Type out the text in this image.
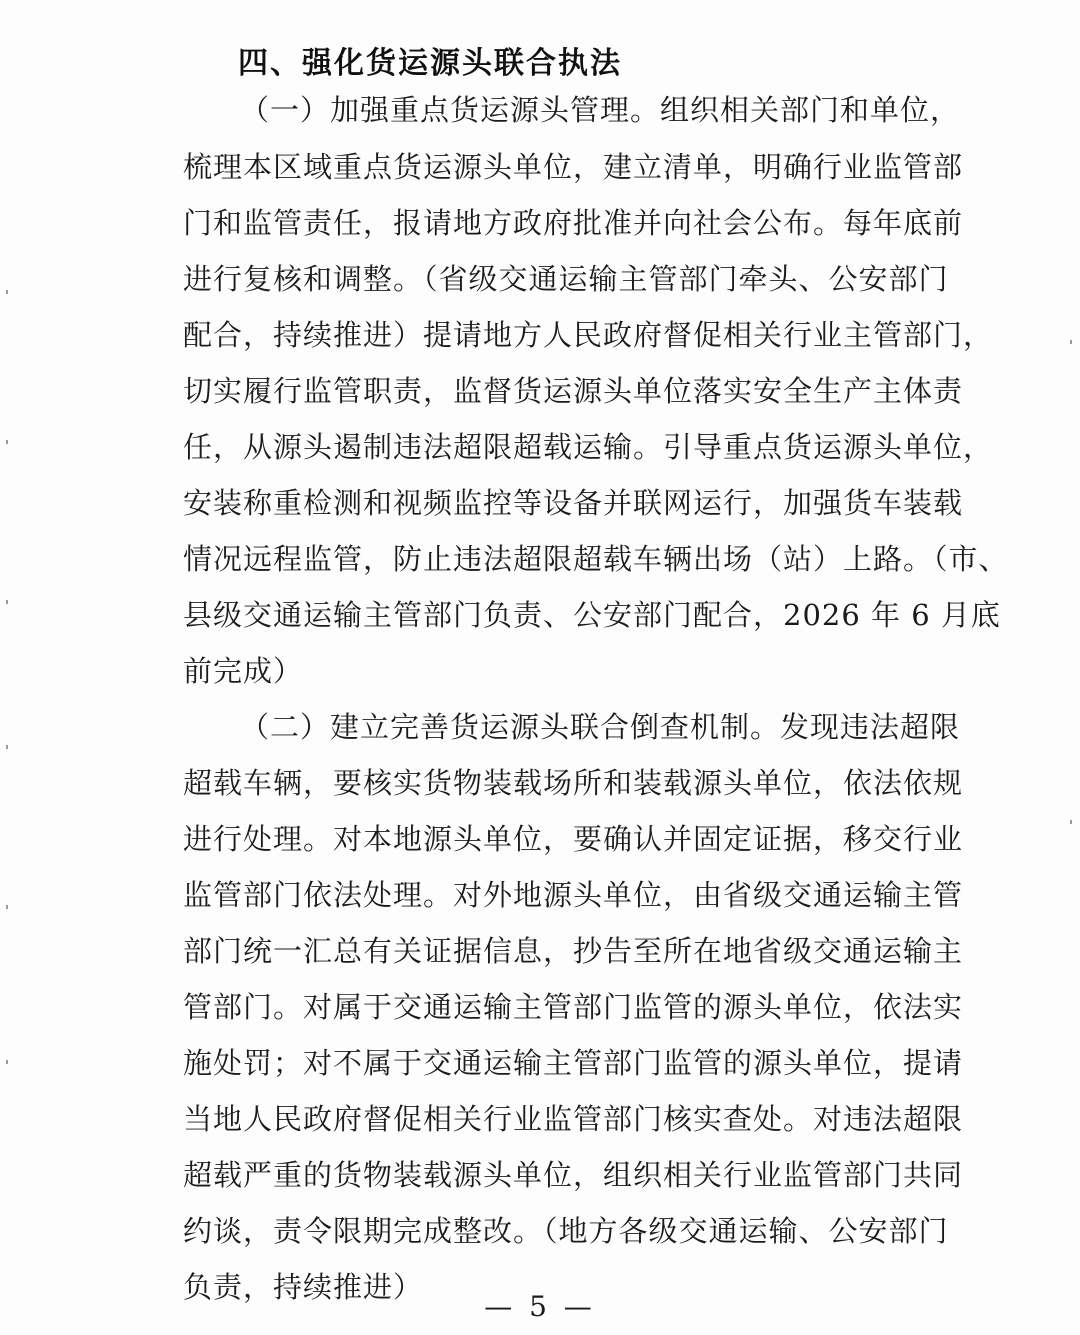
四、强化货运源头联合执法
（一）加强重点货运源头管理。组织相关部门和单位，
梳理本区域重点货运源头单位，建立清单，明确行业监管部
门和监管责任，报请地方政府批准并向社会公布。每年底前
进行复核和调整。（省级交通运输主管部门牵头、公安部门
配合，持续推进）提请地方人民政府督促相关行业主管部门，
切实履行监管职责，监督货运源头单位落实安全生产主体责
任，从源头遏制违法超限超载运输。引导重点货运源头单位，
安装称重检测和视频监控等设备并联网运行，加强货车装载
情况远程监管，防止违法超限超载车辆出场（站）上路。（市、
县级交通运输主管部门负责、公安部门配合，2026 年 6 月底
前完成）
（二）建立完善货运源头联合倒查机制。发现违法超限
超载车辆，要核实货物装载场所和装载源头单位，依法依规
进行处理。对本地源头单位，要确认并固定证据，移交行业
监管部门依法处理。对外地源头单位，由省级交通运输主管
部门统一汇总有关证据信息，抄告至所在地省级交通运输主
管部门。对属于交通运输主管部门监管的源头单位，依法实
施处罚；对不属于交通运输主管部门监管的源头单位，提请
当地人民政府督促相关行业监管部门核实查处。对违法超限
超载严重的货物装载源头单位，组织相关行业监管部门共同
约谈，责令限期完成整改。（地方各级交通运输、公安部门
负责，持续推进）
— 5 —
